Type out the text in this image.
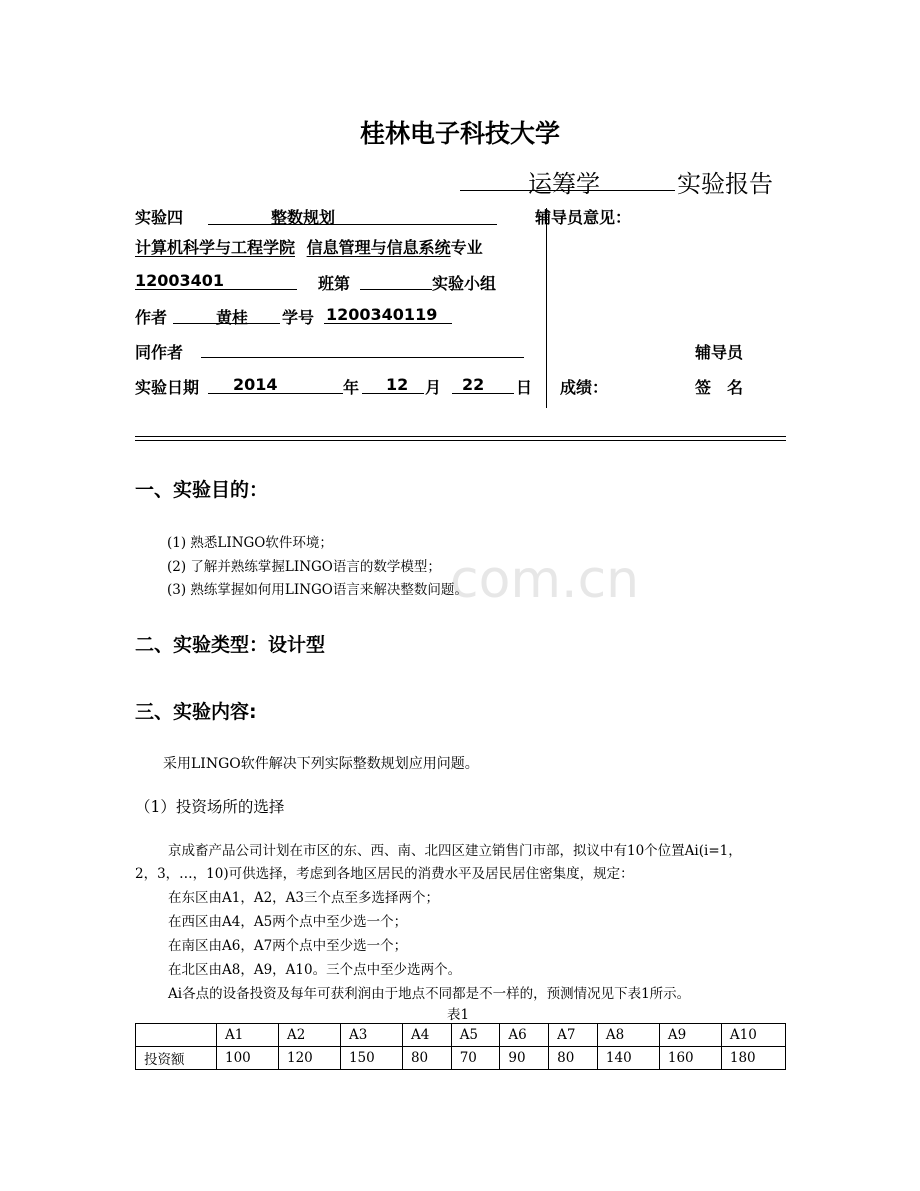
com.cn
桂林电子科技大学
运筹学	实验报告
实验四	整数规划	辅导员意见：
计算机科学与工程学院 信息管理与信息系统专业
12003401	班第	实验小组
作者	黄桂 学号 1200340119
同作者	辅导员
实验日期 2014	年 12 月 22 日 成绩：	签　名
一、实验目的：
(1) 熟悉LINGO软件环境；
(2) 了解并熟练掌握LINGO语言的数学模型；
(3) 熟练掌握如何用LINGO语言来解决整数问题。
二、实验类型：设计型
三、实验内容:
采用LINGO软件解决下列实际整数规划应用问题。
（1）投资场所的选择
京成畜产品公司计划在市区的东、西、南、北四区建立销售门市部，拟议中有10个位置Ai(i=1，
2，3，…，10)可供选择，考虑到各地区居民的消费水平及居民居住密集度，规定：
在东区由A1，A2，A3三个点至多选择两个；
在西区由A4，A5两个点中至少选一个；
在南区由A6，A7两个点中至少选一个；
在北区由A8，A9，A10。三个点中至少选两个。
Ai各点的设备投资及每年可获利润由于地点不同都是不一样的，预测情况见下表1所示。
表1
	A1	A2	A3	A4	A5	A6	A7	A8	A9	A10
投资额	100	120	150	80	70	90	80	140	160	180
